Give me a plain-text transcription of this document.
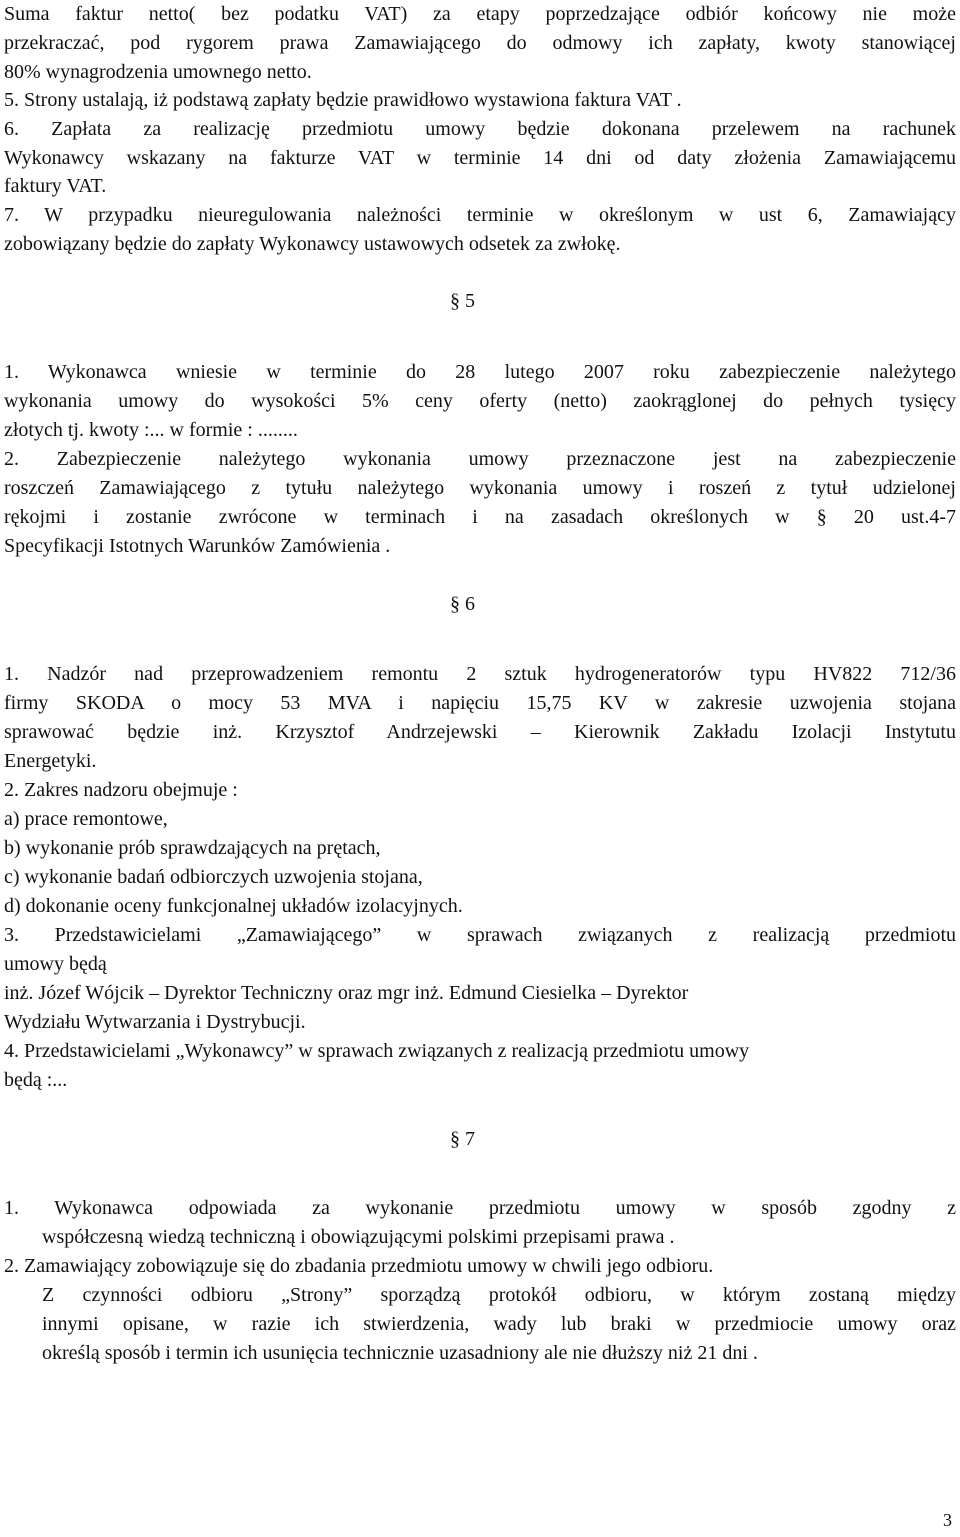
Suma faktur netto( bez podatku VAT) za etapy poprzedzające odbiór końcowy nie może

przekraczać, pod rygorem prawa Zamawiającego do odmowy ich zapłaty, kwoty stanowiącej

80% wynagrodzenia umownego netto.

5. Strony ustalają, iż podstawą zapłaty będzie prawidłowo wystawiona faktura VAT .

6. Zapłata za realizację przedmiotu umowy będzie dokonana przelewem na rachunek

Wykonawcy wskazany na fakturze VAT w terminie 14 dni od daty złożenia Zamawiającemu

faktury VAT.

7. W przypadku nieuregulowania należności terminie w określonym w ust 6, Zamawiający

zobowiązany będzie do zapłaty Wykonawcy ustawowych odsetek za zwłokę.

§ 5

1. Wykonawca wniesie w terminie do 28 lutego 2007 roku zabezpieczenie należytego

wykonania umowy do wysokości 5% ceny oferty (netto) zaokrąglonej do pełnych tysięcy

złotych tj. kwoty :... w formie : ........

2. Zabezpieczenie należytego wykonania umowy przeznaczone jest na zabezpieczenie

roszczeń Zamawiającego z tytułu należytego wykonania umowy i roszeń z tytuł udzielonej

rękojmi i zostanie zwrócone w terminach i na zasadach określonych w § 20 ust.4-7

Specyfikacji Istotnych Warunków Zamówienia .

§ 6

1. Nadzór nad przeprowadzeniem remontu 2 sztuk hydrogeneratorów typu HV822 712/36

firmy SKODA o mocy 53 MVA i napięciu 15,75 KV w zakresie uzwojenia stojana

sprawować będzie inż. Krzysztof Andrzejewski – Kierownik Zakładu Izolacji Instytutu

Energetyki.

2. Zakres nadzoru obejmuje :

a) prace remontowe,

b) wykonanie prób sprawdzających na prętach,

c) wykonanie badań odbiorczych uzwojenia stojana,

d) dokonanie oceny funkcjonalnej układów izolacyjnych.

3. Przedstawicielami „Zamawiającego” w sprawach związanych z realizacją przedmiotu

umowy będą

inż. Józef Wójcik – Dyrektor Techniczny oraz mgr inż. Edmund Ciesielka – Dyrektor

Wydziału Wytwarzania i Dystrybucji.

4. Przedstawicielami „Wykonawcy” w sprawach związanych z realizacją przedmiotu umowy

będą :...

§ 7

1. Wykonawca odpowiada za wykonanie przedmiotu umowy w sposób zgodny z

współczesną wiedzą techniczną i obowiązującymi polskimi przepisami prawa .

2. Zamawiający zobowiązuje się do zbadania przedmiotu umowy w chwili jego odbioru.

Z czynności odbioru „Strony” sporządzą protokół odbioru, w którym zostaną między

innymi opisane, w razie ich stwierdzenia, wady lub braki w przedmiocie umowy oraz

określą sposób i termin ich usunięcia technicznie uzasadniony ale nie dłuższy niż 21 dni .

3
